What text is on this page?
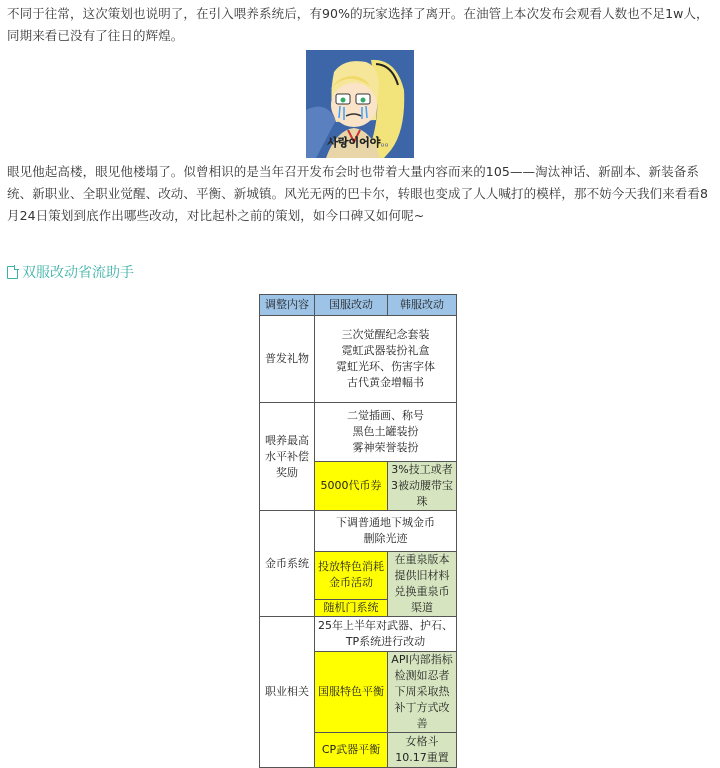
不同于往常，这次策划也说明了，在引入喂养系统后，有90%的玩家选择了离开。在油管上本次发布会观看人数也不足1w人，同期来看已没有了往日的辉煌。
사랑이어야..
眼见他起高楼，眼见他楼塌了。似曾相识的是当年召开发布会时也带着大量内容而来的105——淘汰神话、新副本、新装备系统、新职业、全职业觉醒、改动、平衡、新城镇。风光无两的巴卡尔，转眼也变成了人人喊打的模样，那不妨今天我们来看看8月24日策划到底作出哪些改动，对比起朴之前的策划，如今口碑又如何呢~
双服改动省流助手
调整内容	国服改动	韩服改动
普发礼物	三次觉醒纪念套装
霓虹武器装扮礼盒
霓虹光环、伤害字体
古代黄金增幅书	

喂养最高水平补偿奖励	二觉插画、称号
黑色土罐装扮
雾神荣誉装扮	

	5000代币券	3%技工或者3被动腰带宝珠
金币系统	下调普通地下城金币
删除光迹	

	投放特色消耗金币活动	在重泉版本提供旧材料兑换重泉币渠道
	随机门系统	
职业相关	25年上半年对武器、护石、TP系统进行改动	
	国服特色平衡	API内部指标检测如忍者下周采取热补丁方式改善
	CP武器平衡	女格斗10.17重置
